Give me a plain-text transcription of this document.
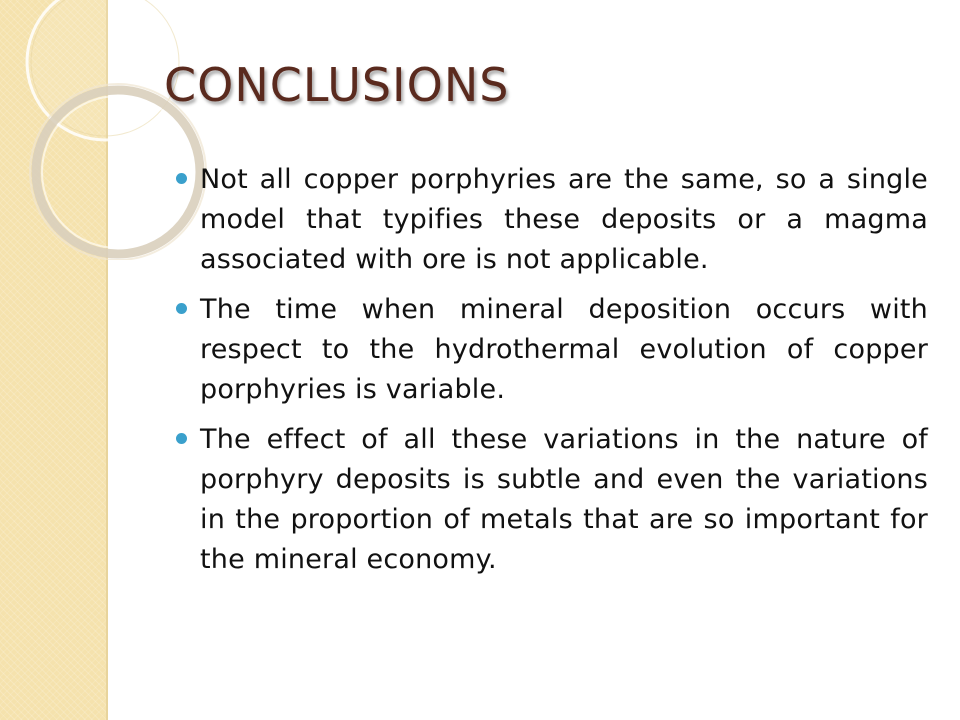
CONCLUSIONS
Not all copper porphyries are the same, so a single model that typifies these deposits or a magma associated with ore is not applicable.
The time when mineral deposition occurs with respect to the hydrothermal evolution of copper porphyries is variable.
The effect of all these variations in the nature of porphyry deposits is subtle and even the variations in the proportion of metals that are so important for the mineral economy.
